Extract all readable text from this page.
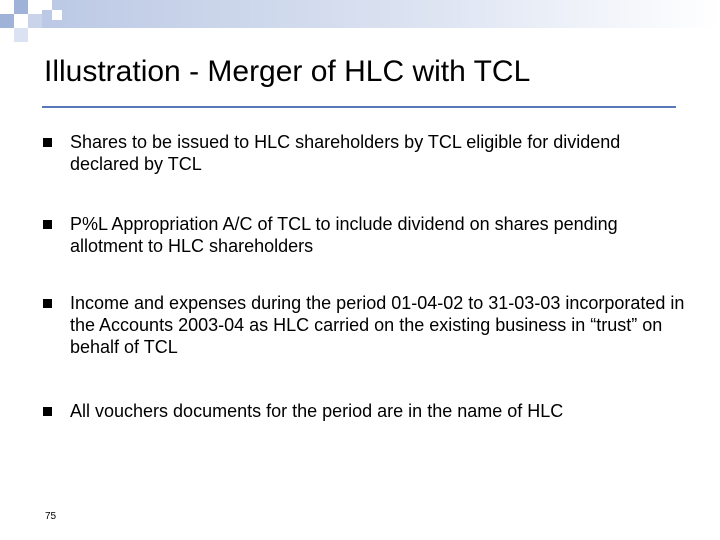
Illustration - Merger of HLC with TCL
Shares to be issued to HLC shareholders by TCL eligible for dividend declared by TCL
P%L Appropriation A/C of TCL to include dividend on shares pending allotment to HLC shareholders
Income and expenses during the period 01-04-02 to 31-03-03 incorporated in the Accounts 2003-04 as HLC carried on the existing business in “trust” on behalf of TCL
All vouchers documents for the period are in the name of HLC
75
